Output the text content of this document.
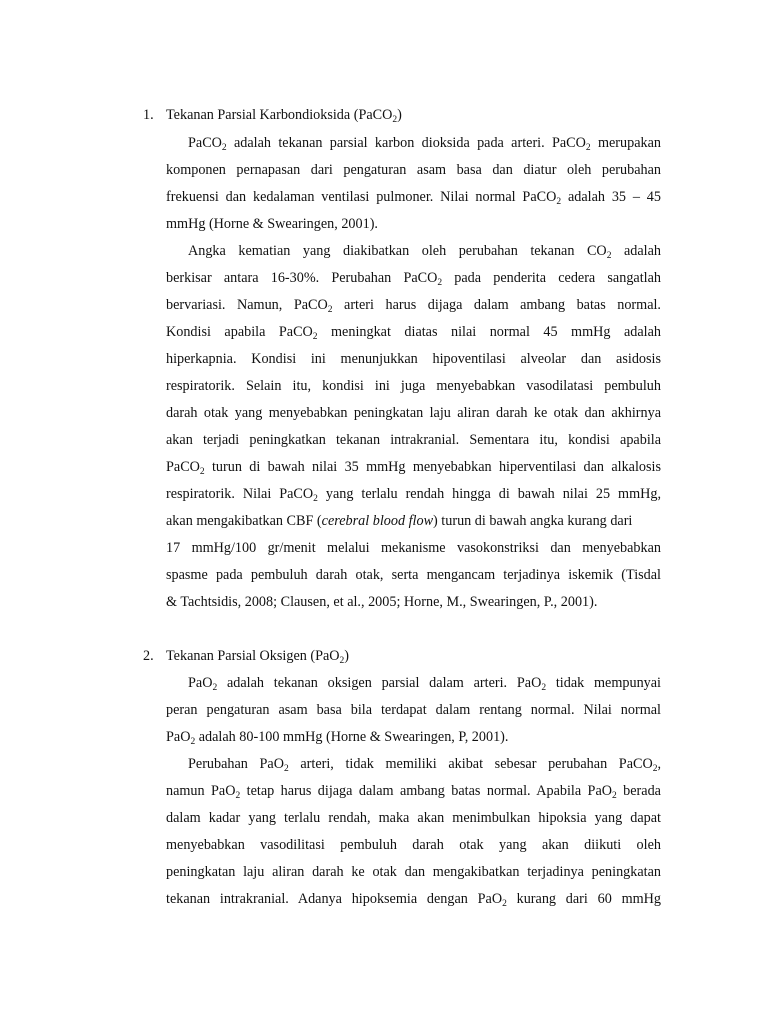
1. Tekanan Parsial Karbondioksida (PaCO$_2$)

PaCO$_2$ adalah tekanan parsial karbon dioksida pada arteri. PaCO$_2$ merupakan

komponen pernapasan dari pengaturan asam basa dan diatur oleh perubahan

frekuensi dan kedalaman ventilasi pulmoner. Nilai normal PaCO$_2$ adalah 35 – 45

mmHg (Horne & Swearingen, 2001).

Angka kematian yang diakibatkan oleh perubahan tekanan $CO_2$ adalah

berkisar antara 16-30%. Perubahan PaCO$_2$ pada penderita cedera sangatlah

bervariasi. Namun, PaCO$_2$ arteri harus dijaga dalam ambang batas normal.

Kondisi apabila PaCO$_2$ meningkat diatas nilai normal 45 mmHg adalah

hiperkapnia. Kondisi ini menunjukkan hipoventilasi alveolar dan asidosis

respiratorik. Selain itu, kondisi ini juga menyebabkan vasodilatasi pembuluh

darah otak yang menyebabkan peningkatan laju aliran darah ke otak dan akhirnya

akan terjadi peningkatkan tekanan intrakranial. Sementara itu, kondisi apabila

PaCO$_2$ turun di bawah nilai 35 mmHg menyebabkan hiperventilasi dan alkalosis

respiratorik. Nilai PaCO$_2$ yang terlalu rendah hingga di bawah nilai 25 mmHg,

akan mengakibatkan CBF (cerebral blood flow) turun di bawah angka kurang dari

17 mmHg/100 gr/menit melalui mekanisme vasokonstriksi dan menyebabkan

spasme pada pembuluh darah otak, serta mengancam terjadinya iskemik (Tisdal

& Tachtsidis, 2008; Clausen, et al., 2005; Horne, M., Swearingen, P., 2001).

2. Tekanan Parsial Oksigen (PaO$_2$)

PaO$_2$ adalah tekanan oksigen parsial dalam arteri. PaO$_2$ tidak mempunyai

peran pengaturan asam basa bila terdapat dalam rentang normal. Nilai normal

PaO$_2$ adalah 80-100 mmHg (Horne & Swearingen, P, 2001).

Perubahan PaO$_2$ arteri, tidak memiliki akibat sebesar perubahan PaCO$_2$,

namun PaO$_2$ tetap harus dijaga dalam ambang batas normal. Apabila PaO$_2$ berada

dalam kadar yang terlalu rendah, maka akan menimbulkan hipoksia yang dapat

menyebabkan vasodilitasi pembuluh darah otak yang akan diikuti oleh

peningkatan laju aliran darah ke otak dan mengakibatkan terjadinya peningkatan

tekanan intrakranial. Adanya hipoksemia dengan PaO$_2$ kurang dari 60 mmHg
